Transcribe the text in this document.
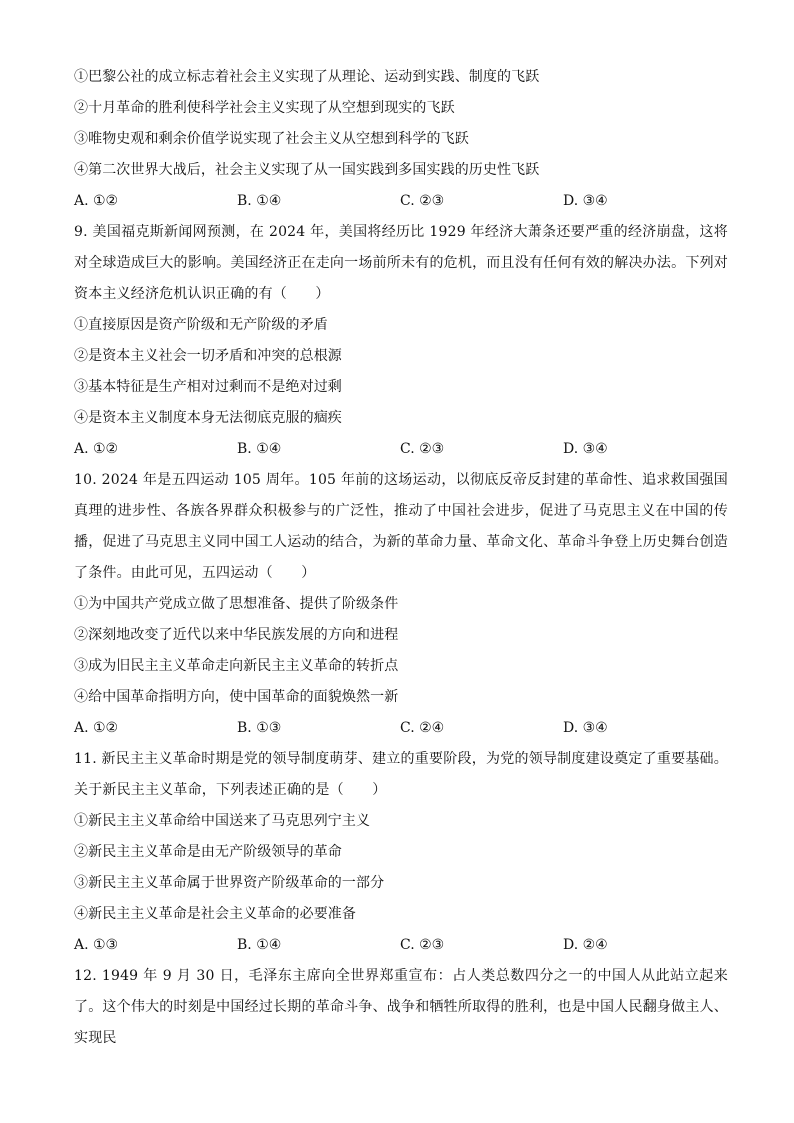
①巴黎公社的成立标志着社会主义实现了从理论、运动到实践、制度的飞跃
②十月革命的胜利使科学社会主义实现了从空想到现实的飞跃
③唯物史观和剩余价值学说实现了社会主义从空想到科学的飞跃
④第二次世界大战后，社会主义实现了从一国实践到多国实践的历史性飞跃
A. ①②	B. ①④	C. ②③	D. ③④
9. 美国福克斯新闻网预测，在 2024 年，美国将经历比 1929 年经济大萧条还要严重的经济崩盘，这将对全球造成巨大的影响。美国经济正在走向一场前所未有的危机，而且没有任何有效的解决办法。下列对资本主义经济危机认识正确的有（　　）
①直接原因是资产阶级和无产阶级的矛盾
②是资本主义社会一切矛盾和冲突的总根源
③基本特征是生产相对过剩而不是绝对过剩
④是资本主义制度本身无法彻底克服的痼疾
A. ①②	B. ①④	C. ②③	D. ③④
10. 2024 年是五四运动 105 周年。105 年前的这场运动，以彻底反帝反封建的革命性、追求救国强国真理的进步性、各族各界群众积极参与的广泛性，推动了中国社会进步，促进了马克思主义在中国的传播，促进了马克思主义同中国工人运动的结合，为新的革命力量、革命文化、革命斗争登上历史舞台创造了条件。由此可见，五四运动（　　）
①为中国共产党成立做了思想准备、提供了阶级条件
②深刻地改变了近代以来中华民族发展的方向和进程
③成为旧民主主义革命走向新民主主义革命的转折点
④给中国革命指明方向，使中国革命的面貌焕然一新
A. ①②	B. ①③	C. ②④	D. ③④
11. 新民主主义革命时期是党的领导制度萌芽、建立的重要阶段，为党的领导制度建设奠定了重要基础。关于新民主主义革命，下列表述正确的是（　　）
①新民主主义革命给中国送来了马克思列宁主义
②新民主主义革命是由无产阶级领导的革命
③新民主主义革命属于世界资产阶级革命的一部分
④新民主主义革命是社会主义革命的必要准备
A. ①③	B. ①④	C. ②③	D. ②④
12. 1949 年 9 月 30 日，毛泽东主席向全世界郑重宣布：占人类总数四分之一的中国人从此站立起来了。这个伟大的时刻是中国经过长期的革命斗争、战争和牺牲所取得的胜利，也是中国人民翻身做主人、实现民
